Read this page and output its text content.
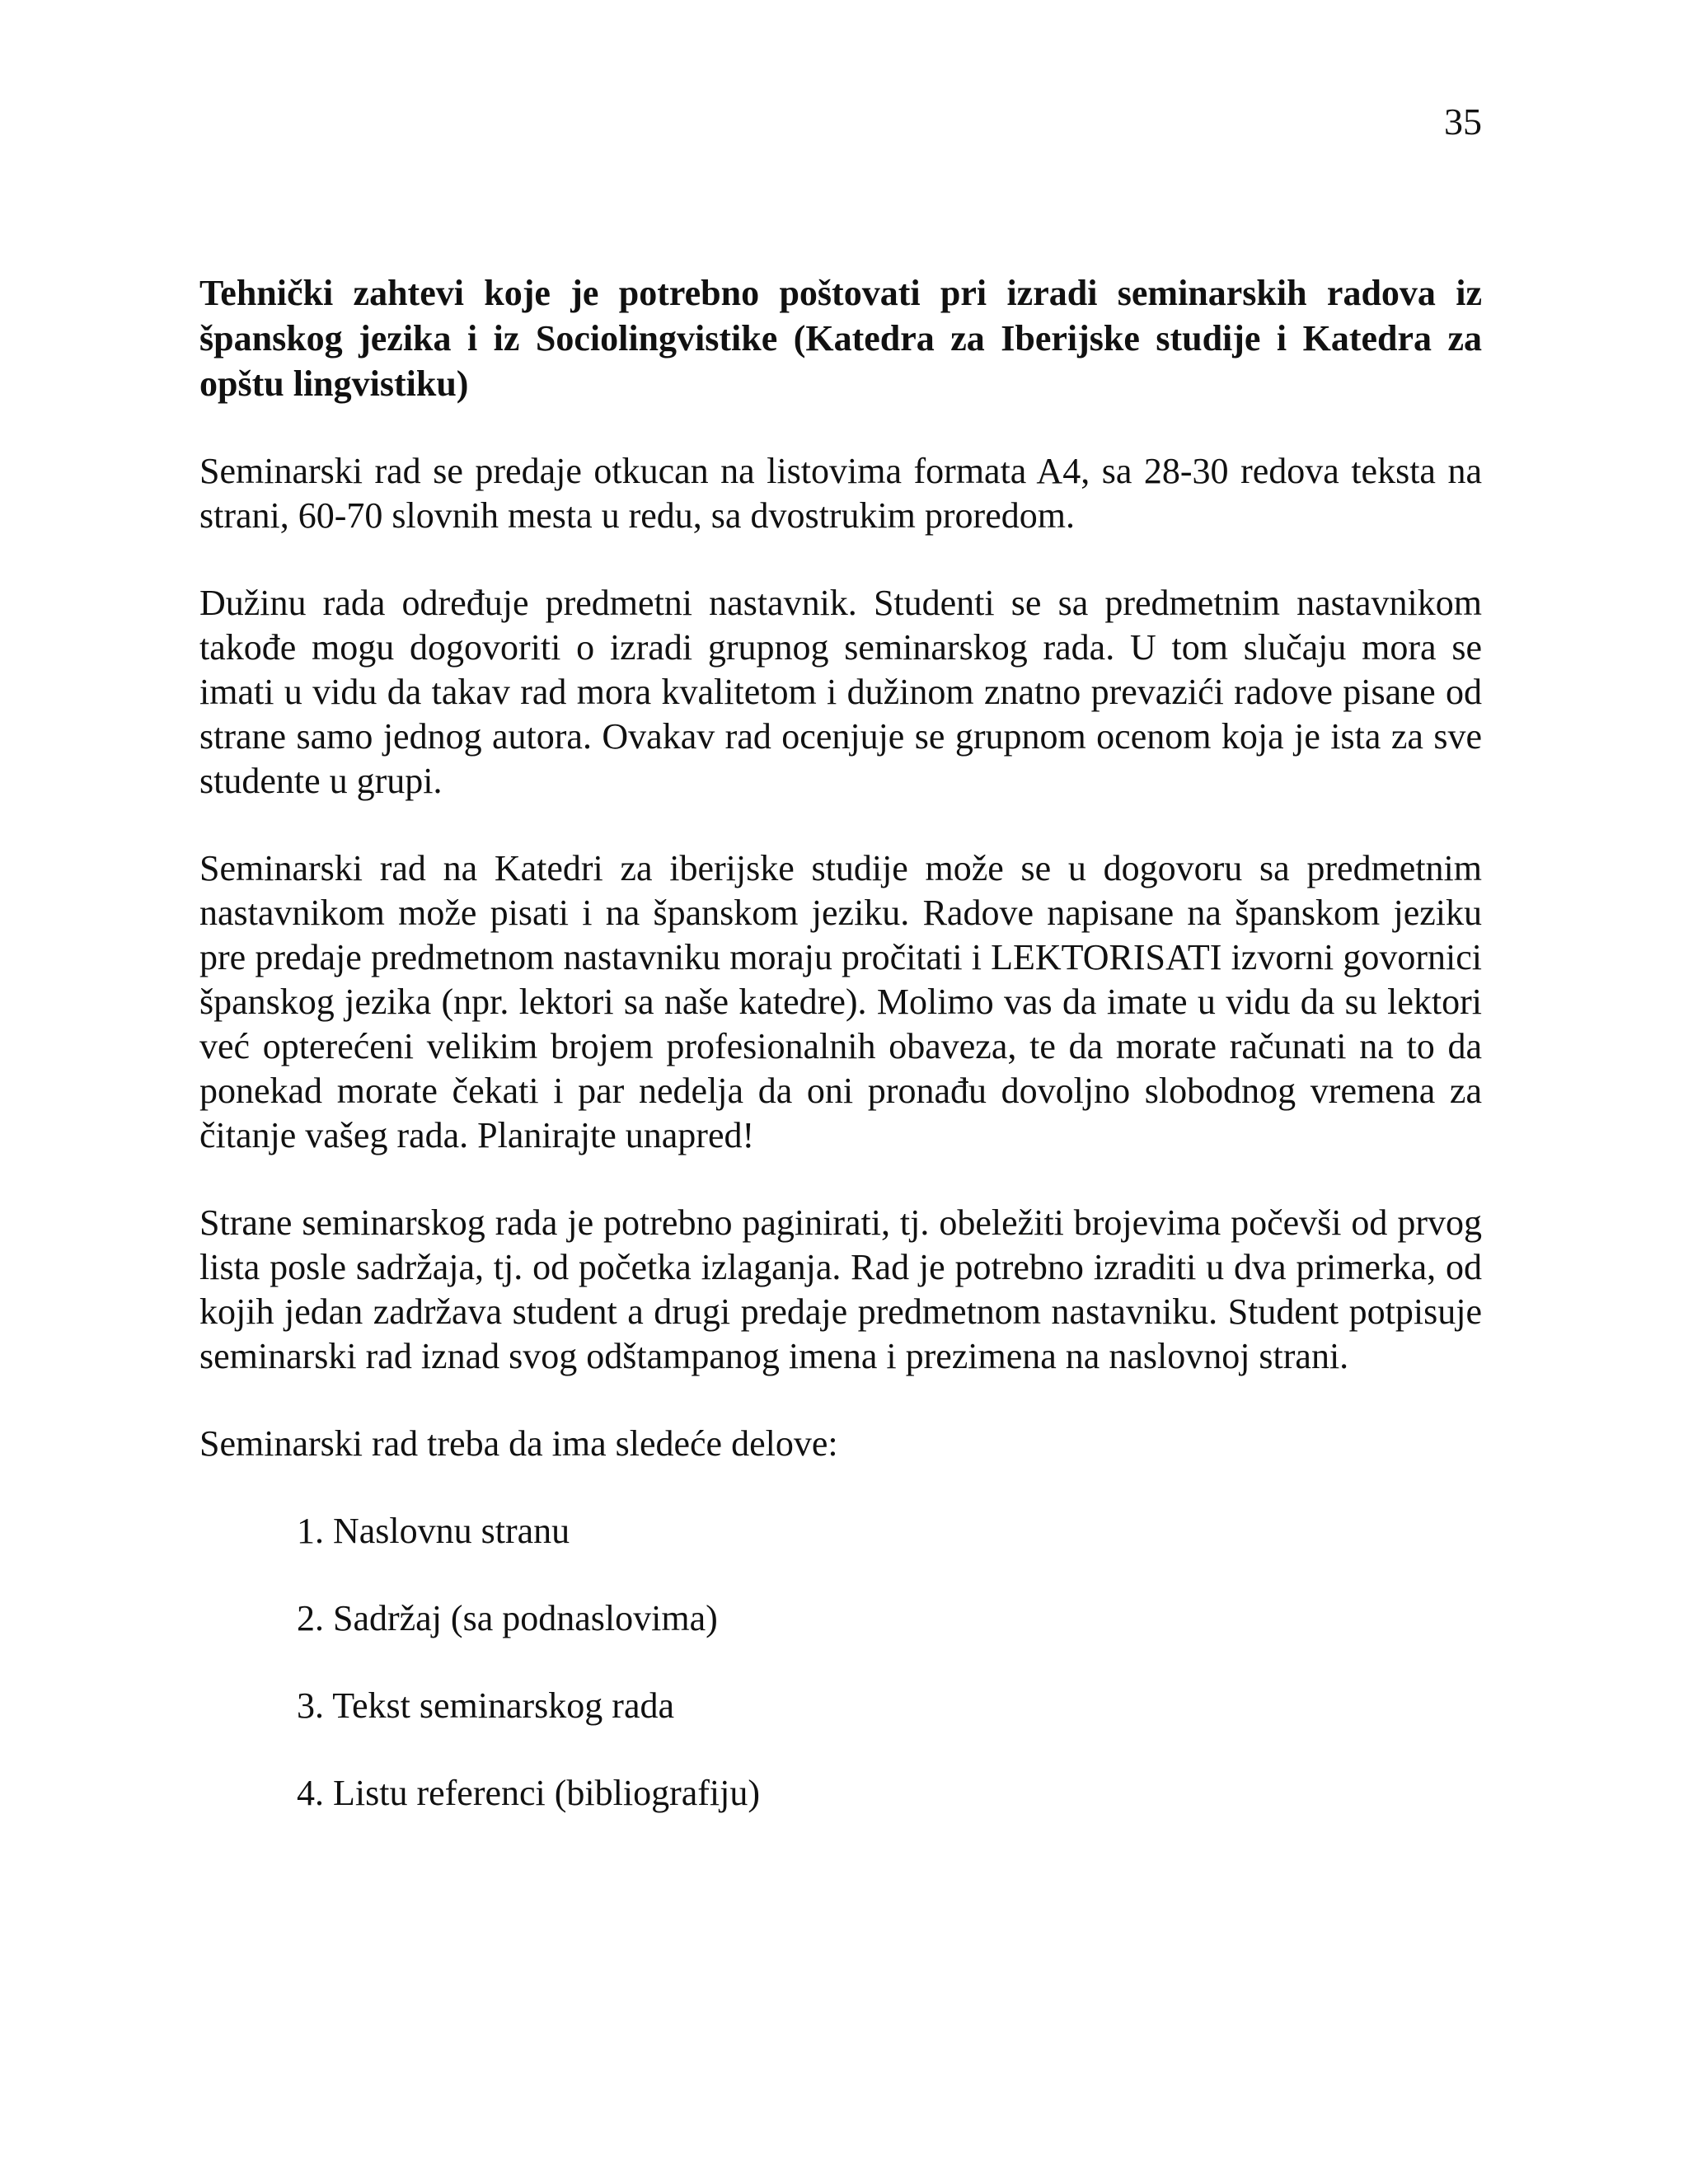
35
Tehnički zahtevi koje je potrebno poštovati pri izradi seminarskih radova iz španskog jezika i iz Sociolingvistike (Katedra za Iberijske studije i Katedra za opštu lingvistiku)

Seminarski rad se predaje otkucan na listovima formata A4, sa 28-30 redova teksta na strani, 60-70 slovnih mesta u redu, sa dvostrukim proredom.

Dužinu rada određuje predmetni nastavnik. Studenti se sa predmetnim nastavnikom takođe mogu dogovoriti o izradi grupnog seminarskog rada. U tom slučaju mora se imati u vidu da takav rad mora kvalitetom i dužinom znatno prevazići radove pisane od strane samo jednog autora. Ovakav rad ocenjuje se grupnom ocenom koja je ista za sve studente u grupi.

Seminarski rad na Katedri za iberijske studije može se u dogovoru sa predmetnim nastavnikom može pisati i na španskom jeziku. Radove napisane na španskom jeziku pre predaje predmetnom nastavniku moraju pročitati i LEKTORISATI izvorni govornici španskog jezika (npr. lektori sa naše katedre). Molimo vas da imate u vidu da su lektori već opterećeni velikim brojem profesionalnih obaveza, te da morate računati na to da ponekad morate čekati i par nedelja da oni pronađu dovoljno slobodnog vremena za čitanje vašeg rada. Planirajte unapred!

Strane seminarskog rada je potrebno paginirati, tj. obeležiti brojevima počevši od prvog lista posle sadržaja, tj. od početka izlaganja. Rad je potrebno izraditi u dva primerka, od kojih jedan zadržava student a drugi predaje predmetnom nastavniku. Student potpisuje seminarski rad iznad svog odštampanog imena i prezimena na naslovnoj strani.

Seminarski rad treba da ima sledeće delove:

1. Naslovnu stranu
2. Sadržaj (sa podnaslovima)
3. Tekst seminarskog rada
4. Listu referenci (bibliografiju)
